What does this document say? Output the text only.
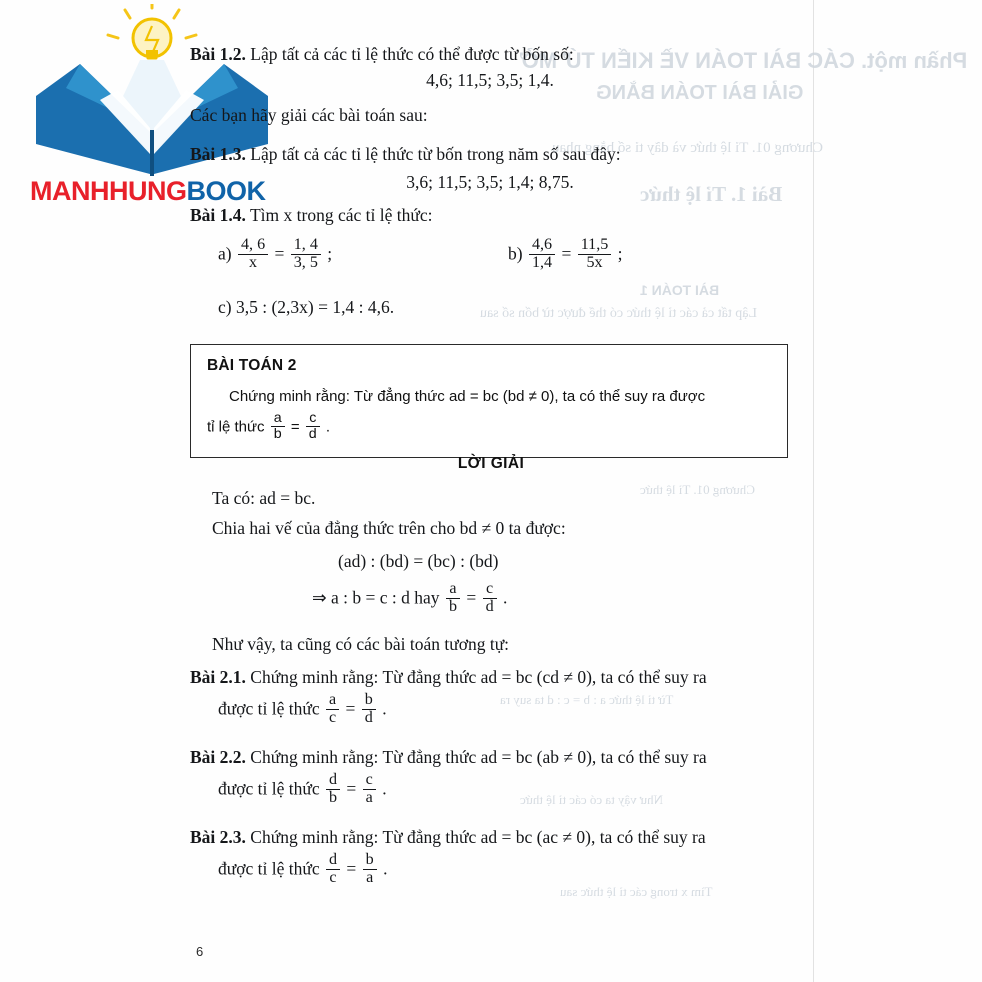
Phần một. CÁC BÀI TOÁN VỀ KIẾN TỨ MỞ
GIẢI BÀI TOÁN BẰNG
Chương 01. Tỉ lệ thức và dãy tỉ số bằng nhau
Bài 1. Tỉ lệ thức
BÀI TOÁN 1
Lập tất cả các tỉ lệ thức có thể được từ bốn số sau
Chương 01. Tỉ lệ thức
Từ tỉ lệ thức a : b = c : d ta suy ra
Như vậy ta có các tỉ lệ thức
Tìm x trong các tỉ lệ thức sau
MANHHUNGBOOK
Bài 1.2. Lập tất cả các tỉ lệ thức có thể được từ bốn số:
4,6; 11,5; 3,5; 1,4.
Các bạn hãy giải các bài toán sau:
Bài 1.3. Lập tất cả các tỉ lệ thức từ bốn trong năm số sau đây:
3,6; 11,5; 3,5; 1,4; 8,75.
Bài 1.4. Tìm x trong các tỉ lệ thức:
$a) \frac{4, 6}{x} = \frac{1, 4}{3, 5}$ ;	$b) \frac{4,6}{1,4} = \frac{11,5}{5x}$ ;
c) 3,5 : (2,3x) = 1,4 : 4,6.
BÀI TOÁN 2
Chứng minh rằng: Từ đẳng thức ad = bc (bd ≠ 0), ta có thể suy ra được
tỉ lệ thức $\frac{a}{b} = \frac{c}{d}$ .
LỜI GIẢI
Ta có: ad = bc.
Chia hai vế của đẳng thức trên cho bd ≠ 0 ta được:
(ad) : (bd) = (bc) : (bd)
⇒ a : b = c : d hay $\frac{a}{b} = \frac{c}{d}$ .
Như vậy, ta cũng có các bài toán tương tự:
Bài 2.1. Chứng minh rằng: Từ đẳng thức ad = bc (cd ≠ 0), ta có thể suy ra
được tỉ lệ thức $\frac{a}{c} = \frac{b}{d}$ .
Bài 2.2. Chứng minh rằng: Từ đẳng thức ad = bc (ab ≠ 0), ta có thể suy ra
được tỉ lệ thức $\frac{d}{b} = \frac{c}{a}$ .
Bài 2.3. Chứng minh rằng: Từ đẳng thức ad = bc (ac ≠ 0), ta có thể suy ra
được tỉ lệ thức $\frac{d}{c} = \frac{b}{a}$ .
6
